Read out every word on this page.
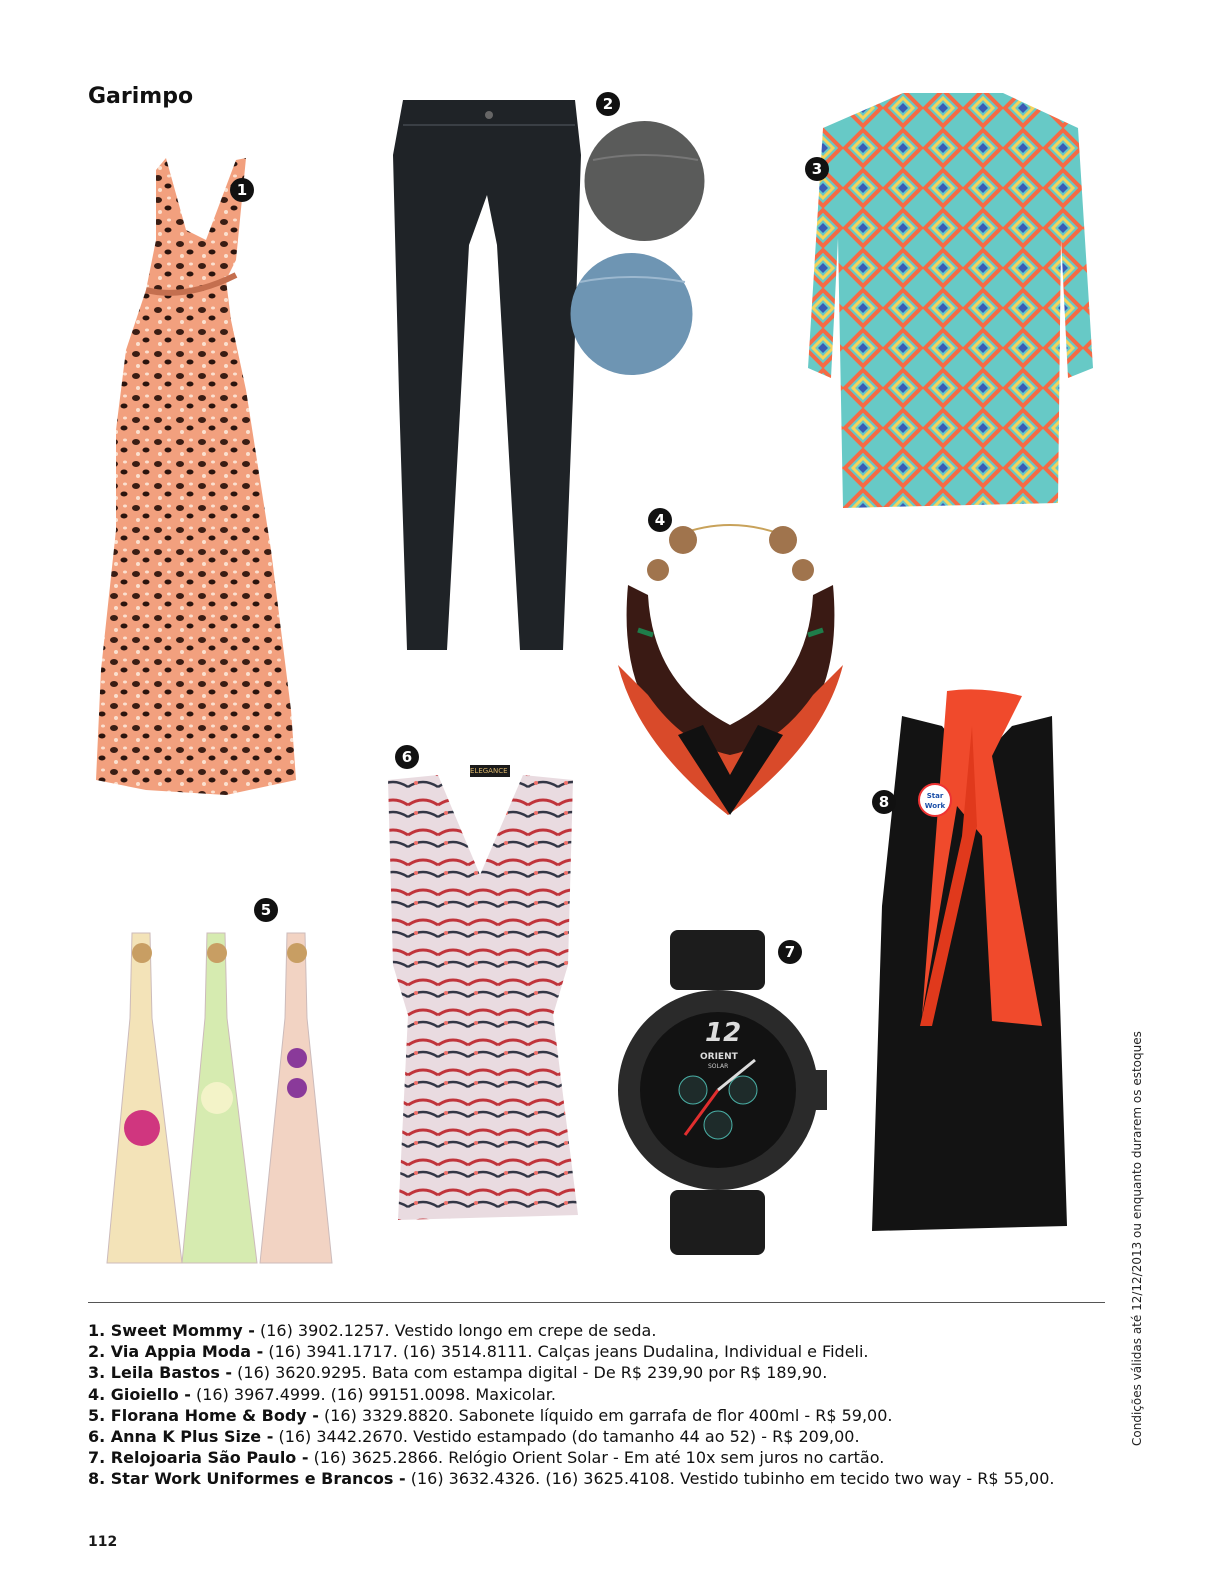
Garimpo
1
2
3
4
5
ELEGANCE
6
12
ORIENT
SOLAR
7
Star Work
8
1. Sweet Mommy - (16) 3902.1257. Vestido longo em crepe de seda.
2. Via Appia Moda - (16) 3941.1717. (16) 3514.8111. Calças jeans Dudalina, Individual e Fideli.
3. Leila Bastos - (16) 3620.9295. Bata com estampa digital - De R$ 239,90 por R$ 189,90.
4. Gioiello - (16) 3967.4999. (16) 99151.0098. Maxicolar.
5. Florana Home & Body - (16) 3329.8820. Sabonete líquido em garrafa de flor 400ml - R$ 59,00.
6. Anna K Plus Size - (16) 3442.2670. Vestido estampado (do tamanho 44 ao 52) - R$ 209,00.
7. Relojoaria São Paulo - (16) 3625.2866. Relógio Orient Solar - Em até 10x sem juros no cartão.
8. Star Work Uniformes e Brancos - (16) 3632.4326. (16) 3625.4108. Vestido tubinho em tecido two way - R$ 55,00.
112
Condições válidas até 12/12/2013 ou enquanto durarem os estoques
